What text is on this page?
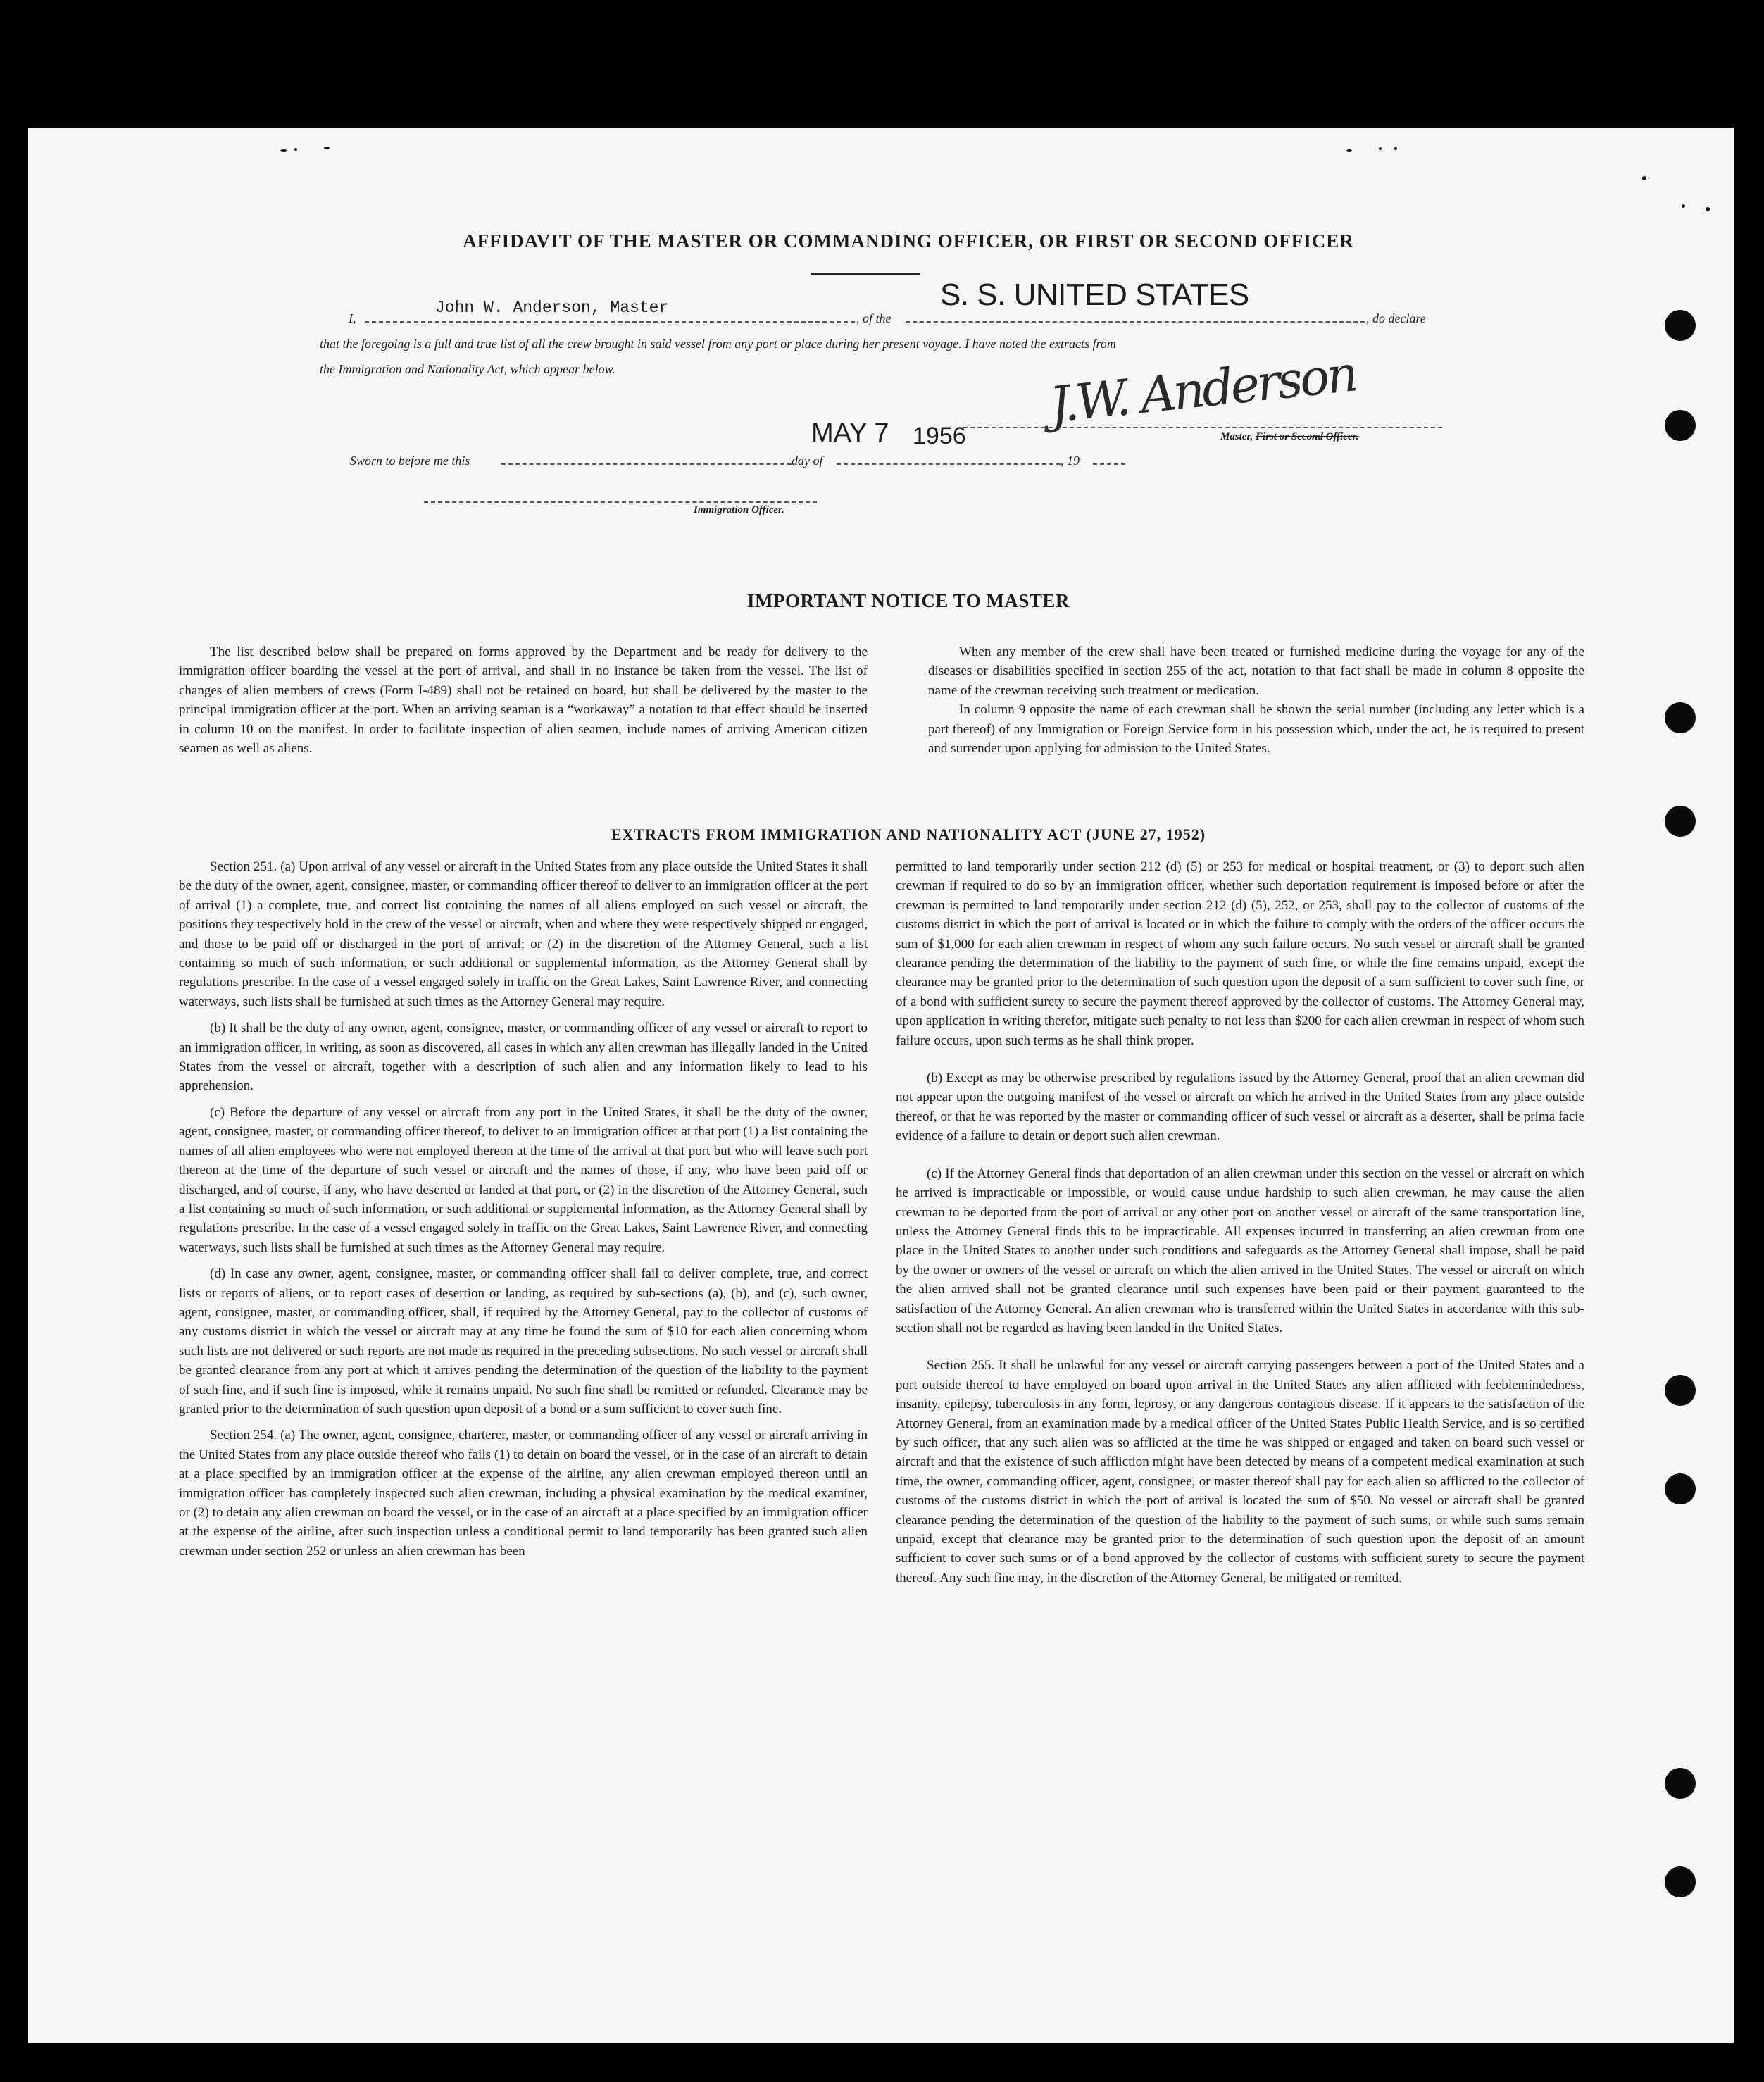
AFFIDAVIT OF THE MASTER OR COMMANDING OFFICER, OR FIRST OR SECOND OFFICER
I,
John W. Anderson, Master
, of the
S. S. UNITED STATES
, do declare
that the foregoing is a full and true list of all the crew brought in said vessel from any port or place during her present voyage. I have noted the extracts from
the Immigration and Nationality Act, which appear below.
MAY 7 1956
J.W. Anderson
Master, First or Second Officer.
Sworn to before me this	day of	, 19
Immigration Officer.
IMPORTANT NOTICE TO MASTER

The list described below shall be prepared on forms approved by the Department and be ready for delivery to the immigration officer boarding the vessel at the port of arrival, and shall in no instance be taken from the vessel. The list of changes of alien members of crews (Form I-489) shall not be retained on board, but shall be delivered by the master to the principal immigration officer at the port. When an arriving seaman is a “workaway” a notation to that effect should be inserted in column 10 on the manifest. In order to facilitate inspection of alien seamen, include names of arriving American citizen seamen as well as aliens.

When any member of the crew shall have been treated or furnished medicine during the voyage for any of the diseases or disabilities specified in section 255 of the act, notation to that fact shall be made in column 8 opposite the name of the crewman receiving such treatment or medication.

In column 9 opposite the name of each crewman shall be shown the serial number (including any letter which is a part thereof) of any Immigration or Foreign Service form in his possession which, under the act, he is required to present and surrender upon applying for admission to the United States.

EXTRACTS FROM IMMIGRATION AND NATIONALITY ACT (JUNE 27, 1952)

Section 251. (a) Upon arrival of any vessel or aircraft in the United States from any place outside the United States it shall be the duty of the owner, agent, consignee, master, or commanding officer thereof to deliver to an immigration officer at the port of arrival (1) a complete, true, and correct list containing the names of all aliens employed on such vessel or aircraft, the positions they respectively hold in the crew of the vessel or aircraft, when and where they were respectively shipped or engaged, and those to be paid off or discharged in the port of arrival; or (2) in the discretion of the Attorney General, such a list containing so much of such information, or such additional or supplemental information, as the Attorney General shall by regulations prescribe. In the case of a vessel engaged solely in traffic on the Great Lakes, Saint Lawrence River, and connecting waterways, such lists shall be furnished at such times as the Attorney General may require.

(b) It shall be the duty of any owner, agent, consignee, master, or commanding officer of any vessel or aircraft to report to an immigration officer, in writing, as soon as discovered, all cases in which any alien crewman has illegally landed in the United States from the vessel or aircraft, together with a description of such alien and any information likely to lead to his apprehension.

(c) Before the departure of any vessel or aircraft from any port in the United States, it shall be the duty of the owner, agent, consignee, master, or commanding officer thereof, to deliver to an immigration officer at that port (1) a list containing the names of all alien employees who were not employed thereon at the time of the arrival at that port but who will leave such port thereon at the time of the departure of such vessel or aircraft and the names of those, if any, who have been paid off or discharged, and of course, if any, who have deserted or landed at that port, or (2) in the discretion of the Attorney General, such a list containing so much of such information, or such additional or supplemental information, as the Attorney General shall by regulations prescribe. In the case of a vessel engaged solely in traffic on the Great Lakes, Saint Lawrence River, and connecting waterways, such lists shall be furnished at such times as the Attorney General may require.

(d) In case any owner, agent, consignee, master, or commanding officer shall fail to deliver complete, true, and correct lists or reports of aliens, or to report cases of desertion or landing, as required by sub-sections (a), (b), and (c), such owner, agent, consignee, master, or commanding officer, shall, if required by the Attorney General, pay to the collector of customs of any customs district in which the vessel or aircraft may at any time be found the sum of $10 for each alien concerning whom such lists are not delivered or such reports are not made as required in the preceding subsections. No such vessel or aircraft shall be granted clearance from any port at which it arrives pending the determination of the question of the liability to the payment of such fine, and if such fine is imposed, while it remains unpaid. No such fine shall be remitted or refunded. Clearance may be granted prior to the determination of such question upon deposit of a bond or a sum sufficient to cover such fine.

Section 254. (a) The owner, agent, consignee, charterer, master, or commanding officer of any vessel or aircraft arriving in the United States from any place outside thereof who fails (1) to detain on board the vessel, or in the case of an aircraft to detain at a place specified by an immigration officer at the expense of the airline, any alien crewman employed thereon until an immigration officer has completely inspected such alien crewman, including a physical examination by the medical examiner, or (2) to detain any alien crewman on board the vessel, or in the case of an aircraft at a place specified by an immigration officer at the expense of the airline, after such inspection unless a conditional permit to land temporarily has been granted such alien crewman under section 252 or unless an alien crewman has been

permitted to land temporarily under section 212 (d) (5) or 253 for medical or hospital treatment, or (3) to deport such alien crewman if required to do so by an immigration officer, whether such deportation requirement is imposed before or after the crewman is permitted to land temporarily under section 212 (d) (5), 252, or 253, shall pay to the collector of customs of the customs district in which the port of arrival is located or in which the failure to comply with the orders of the officer occurs the sum of $1,000 for each alien crewman in respect of whom any such failure occurs. No such vessel or aircraft shall be granted clearance pending the determination of the liability to the payment of such fine, or while the fine remains unpaid, except the clearance may be granted prior to the determination of such question upon the deposit of a sum sufficient to cover such fine, or of a bond with sufficient surety to secure the payment thereof approved by the collector of customs. The Attorney General may, upon application in writing therefor, mitigate such penalty to not less than $200 for each alien crewman in respect of whom such failure occurs, upon such terms as he shall think proper.

(b) Except as may be otherwise prescribed by regulations issued by the Attorney General, proof that an alien crewman did not appear upon the outgoing manifest of the vessel or aircraft on which he arrived in the United States from any place outside thereof, or that he was reported by the master or commanding officer of such vessel or aircraft as a deserter, shall be prima facie evidence of a failure to detain or deport such alien crewman.

(c) If the Attorney General finds that deportation of an alien crewman under this section on the vessel or aircraft on which he arrived is impracticable or impossible, or would cause undue hardship to such alien crewman, he may cause the alien crewman to be deported from the port of arrival or any other port on another vessel or aircraft of the same transportation line, unless the Attorney General finds this to be impracticable. All expenses incurred in transferring an alien crewman from one place in the United States to another under such conditions and safeguards as the Attorney General shall impose, shall be paid by the owner or owners of the vessel or aircraft on which the alien arrived in the United States. The vessel or aircraft on which the alien arrived shall not be granted clearance until such expenses have been paid or their payment guaranteed to the satisfaction of the Attorney General. An alien crewman who is transferred within the United States in accordance with this sub-section shall not be regarded as having been landed in the United States.

Section 255. It shall be unlawful for any vessel or aircraft carrying passengers between a port of the United States and a port outside thereof to have employed on board upon arrival in the United States any alien afflicted with feeblemindedness, insanity, epilepsy, tuberculosis in any form, leprosy, or any dangerous contagious disease. If it appears to the satisfaction of the Attorney General, from an examination made by a medical officer of the United States Public Health Service, and is so certified by such officer, that any such alien was so afflicted at the time he was shipped or engaged and taken on board such vessel or aircraft and that the existence of such affliction might have been detected by means of a competent medical examination at such time, the owner, commanding officer, agent, consignee, or master thereof shall pay for each alien so afflicted to the collector of customs of the customs district in which the port of arrival is located the sum of $50. No vessel or aircraft shall be granted clearance pending the determination of the question of the liability to the payment of such sums, or while such sums remain unpaid, except that clearance may be granted prior to the determination of such question upon the deposit of an amount sufficient to cover such sums or of a bond approved by the collector of customs with sufficient surety to secure the payment thereof. Any such fine may, in the discretion of the Attorney General, be mitigated or remitted.
